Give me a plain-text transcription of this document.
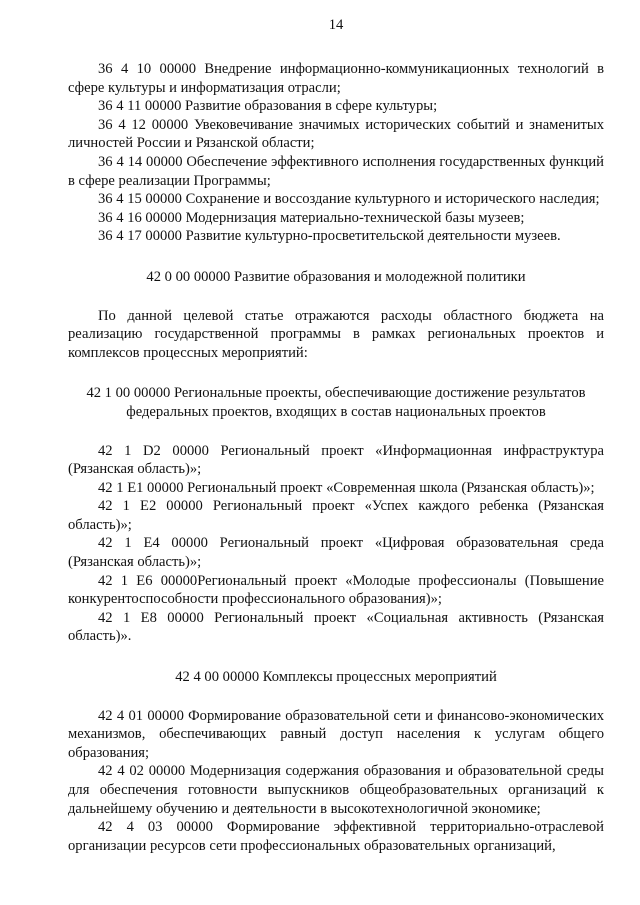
14

36 4 10 00000 Внедрение информационно-коммуникационных технологий в сфере культуры и информатизация отрасли;

36 4 11 00000 Развитие образования в сфере культуры;

36 4 12 00000 Увековечивание значимых исторических событий и знаменитых личностей России и Рязанской области;

36 4 14 00000 Обеспечение эффективного исполнения государственных функций в сфере реализации Программы;

36 4 15 00000 Сохранение и воссоздание культурного и исторического наследия;

36 4 16 00000 Модернизация материально-технической базы музеев;

36 4 17 00000 Развитие культурно-просветительской деятельности музеев.

42 0 00 00000 Развитие образования и молодежной политики

По данной целевой статье отражаются расходы областного бюджета на реализацию государственной программы в рамках региональных проектов и комплексов процессных мероприятий:

42 1 00 00000 Региональные проекты, обеспечивающие достижение результатов федеральных проектов, входящих в состав национальных проектов

42 1 D2 00000 Региональный проект «Информационная инфраструктура (Рязанская область)»;

42 1 E1 00000 Региональный проект «Современная школа (Рязанская область)»;

42 1 E2 00000 Региональный проект «Успех каждого ребенка (Рязанская область)»;

42 1 E4 00000 Региональный проект «Цифровая образовательная среда (Рязанская область)»;

42 1 E6 00000Региональный проект «Молодые профессионалы (Повышение конкурентоспособности профессионального образования)»;

42 1 E8 00000 Региональный проект «Социальная активность (Рязанская область)».

42 4 00 00000 Комплексы процессных мероприятий

42 4 01 00000 Формирование образовательной сети и финансово-экономических механизмов, обеспечивающих равный доступ населения к услугам общего образования;

42 4 02 00000 Модернизация содержания образования и образовательной среды для обеспечения готовности выпускников общеобразовательных организаций к дальнейшему обучению и деятельности в высокотехнологичной экономике;

42 4 03 00000 Формирование эффективной территориально-отраслевой организации ресурсов сети профессиональных образовательных организаций,
